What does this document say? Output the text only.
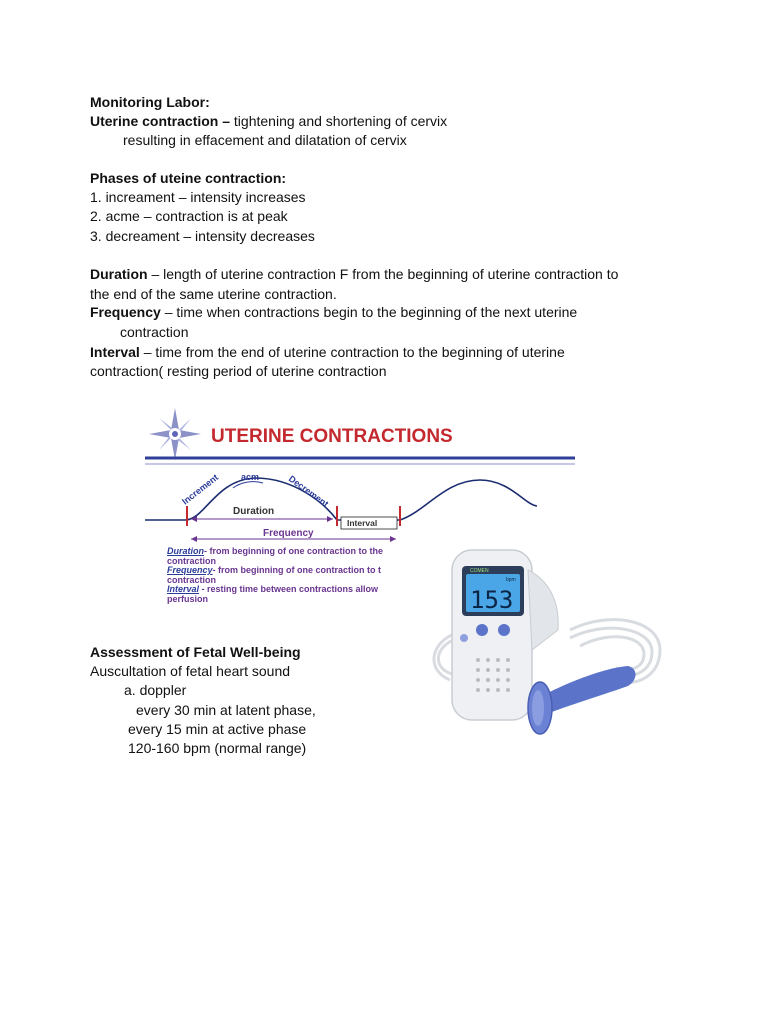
Monitoring Labor:
Uterine contraction – tightening and shortening of cervix
resulting in effacement and dilatation of cervix
Phases of uteine contraction:
1. increament – intensity increases
2. acme – contraction is at peak
3. decreament – intensity decreases
Duration – length of uterine contraction F from the beginning of uterine contraction to
the end of the same uterine contraction.
Frequency – time when contractions begin to the beginning of the next uterine
contraction
Interval – time from the end of uterine contraction to the beginning of uterine
contraction( resting period of uterine contraction
UTERINE CONTRACTIONS
Increment acm	Decrement
Duration
Interval
Frequency
Duration- from beginning of one contraction to the
contraction
Frequency- from beginning of one contraction to t
contraction
Interval - resting time between contractions allow
perfusion
COMEN
bpm
153
Assessment of Fetal Well-being
Auscultation of fetal heart sound
a. doppler
every 30 min at latent phase,
every 15 min at active phase
120-160 bpm (normal range)
